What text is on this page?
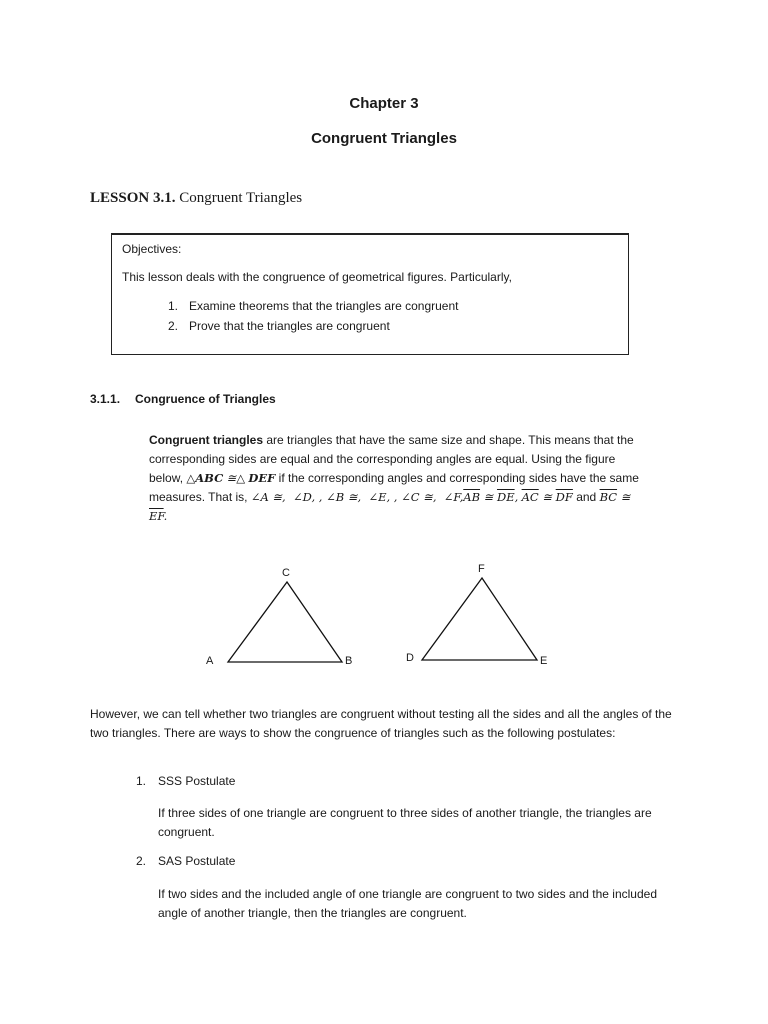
Chapter 3
Congruent Triangles
LESSON 3.1. Congruent Triangles
Objectives:
This lesson deals with the congruence of geometrical figures. Particularly,
1. Examine theorems that the triangles are congruent
2. Prove that the triangles are congruent
3.1.1. Congruence of Triangles
Congruent triangles are triangles that have the same size and shape. This means that the corresponding sides are equal and the corresponding angles are equal. Using the figure below, △ABC ≅△ DEF if the corresponding angles and corresponding sides have the same measures. That is, ∠A ≅,  ∠D, , ∠B ≅,  ∠E, , ∠C ≅,  $\angle F,\overline{AB}$ ≅ $\overline{DE}$, $\overline{AC}$ ≅ $\overline{DF}$ and $\overline{BC}$ ≅ $\overline{EF}$.
C
A	B
F
D	E
However, we can tell whether two triangles are congruent without testing all the sides and all the angles of the two triangles. There are ways to show the congruence of triangles such as the following postulates:
1. SSS Postulate
If three sides of one triangle are congruent to three sides of another triangle, the triangles are congruent.
2. SAS Postulate
If two sides and the included angle of one triangle are congruent to two sides and the included angle of another triangle, then the triangles are congruent.
